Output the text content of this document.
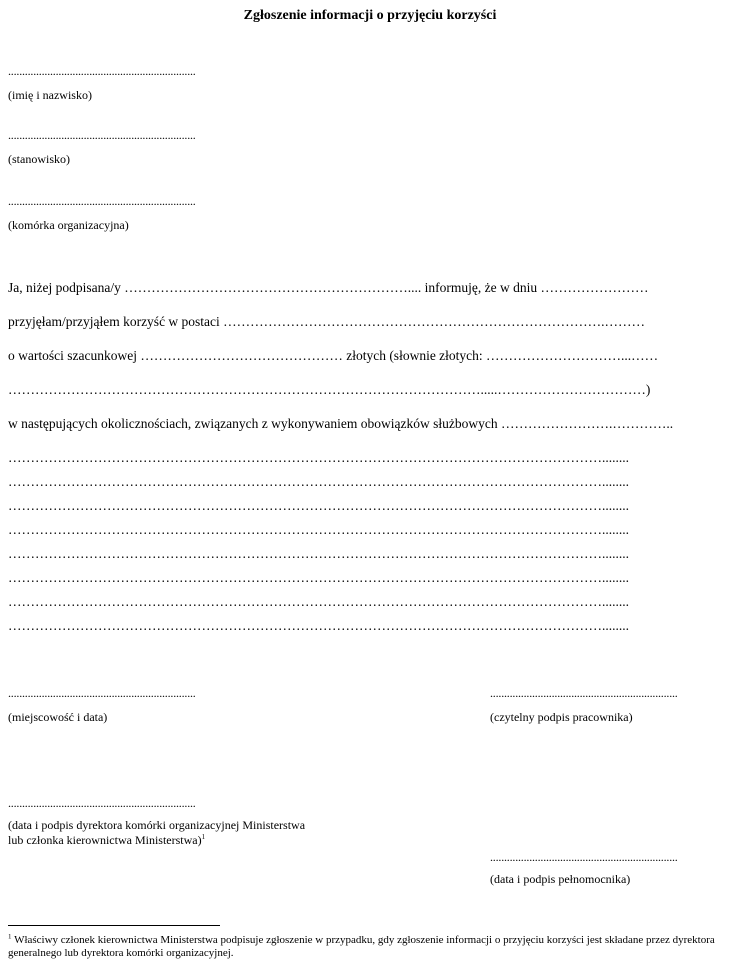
Zgłoszenie informacji o przyjęciu korzyści
...................................................................
(imię i nazwisko)
...................................................................
(stanowisko)
...................................................................
(komórka organizacyjna)
Ja, niżej podpisana/y ……………………………………………………….... informuję, że w dniu ……………………
przyjęłam/przyjąłem korzyść w postaci ………………………………………………………………………….………
o wartości szacunkowej ……………………………………… złotych (słownie złotych: …………………………...……
…………………………………………………………………………………………….....……………………………)
w następujących okolicznościach, związanych z wykonywaniem obowiązków służbowych …………………….…………..
……………………………………………………………………………………………………………………........
……………………………………………………………………………………………………………………........
……………………………………………………………………………………………………………………........
……………………………………………………………………………………………………………………........
……………………………………………………………………………………………………………………........
……………………………………………………………………………………………………………………........
……………………………………………………………………………………………………………………........
……………………………………………………………………………………………………………………........
...................................................................
(miejscowość i data)
...................................................................
(czytelny podpis pracownika)
...................................................................
(data i podpis dyrektora komórki organizacyjnej Ministerstwa
lub członka kierownictwa Ministerstwa)$^1$
...................................................................
(data i podpis pełnomocnika)
$^1$ Właściwy członek kierownictwa Ministerstwa podpisuje zgłoszenie w przypadku, gdy zgłoszenie informacji o przyjęciu korzyści jest składane przez dyrektora generalnego lub dyrektora komórki organizacyjnej.
